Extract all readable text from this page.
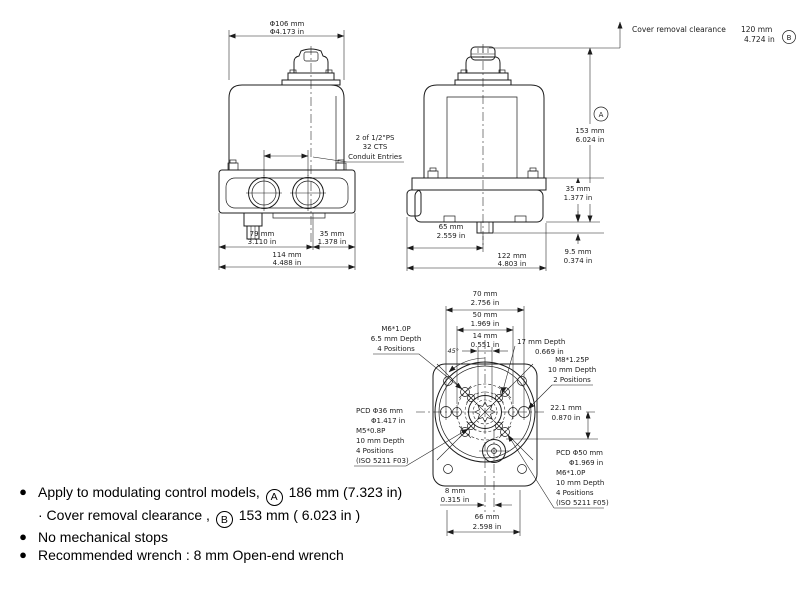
Φ106 mm
Φ4.173 in
2 of 1/2"PS
32 CTS
Conduit Entries
79 mm
3.110 in
35 mm
1.378 in
114 mm
4.488 in
Cover removal clearance 120 mm
4.724 in B
A
153 mm
6.024 in
35 mm
1.377 in
9.5 mm
0.374 in
65 mm
2.559 in
122 mm
4.803 in
70 mm
2.756 in
50 mm
1.969 in
14 mm
0.551 in
45°
M6*1.0P
6.5 mm Depth
4 Positions
17 mm Depth
0.669 in
M8*1.25P
10 mm Depth
2 Positions
22.1 mm
0.870 in
PCD Φ36 mm
Φ1.417 in
M5*0.8P
10 mm Depth
4 Positions
(ISO 5211 F03)
PCD Φ50 mm
Φ1.969 in
M6*1.0P
10 mm Depth
4 Positions
(ISO 5211 F05)
8 mm
0.315 in
66 mm
2.598 in
● Apply to modulating control models, A 186 mm (7.323 in)
· Cover removal clearance , B 153 mm ( 6.023 in )
● No mechanical stops
● Recommended wrench : 8 mm Open-end wrench
